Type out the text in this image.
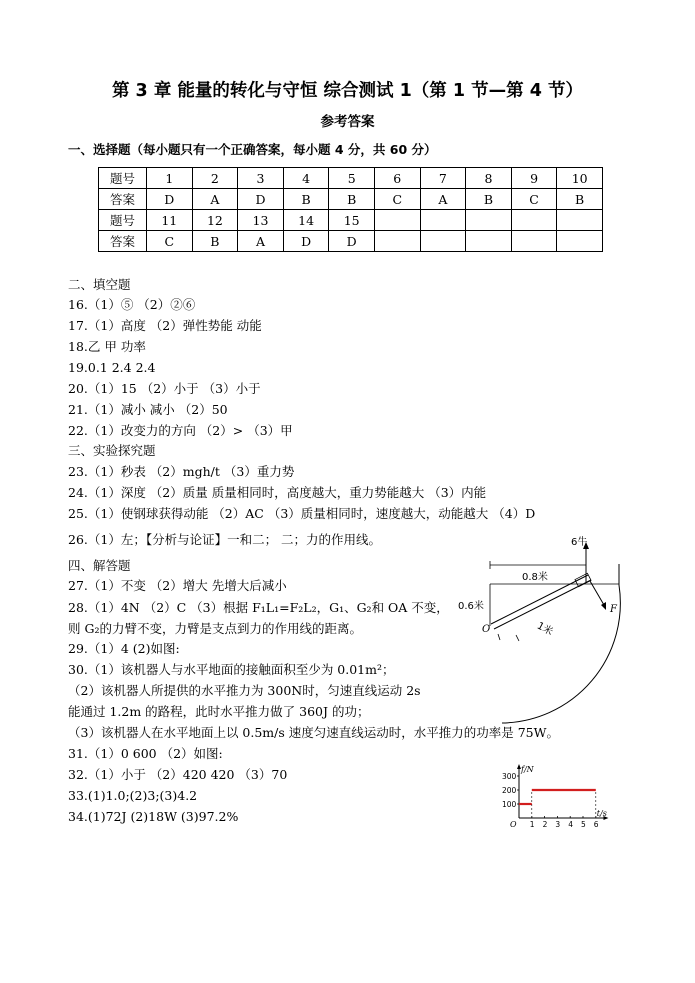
第 3 章 能量的转化与守恒 综合测试 1（第 1 节—第 4 节）
参考答案
一、选择题（每小题只有一个正确答案，每小题 4 分，共 60 分）
题号	1	2	3	4	5	6	7	8	9	10
答案	D	A	D	B	B	C	A	B	C	B
题号	11	12	13	14	15					
答案	C	B	A	D	D					
二、填空题
16.（1）⑤ （2）②⑥
17.（1）高度 （2）弹性势能 动能
18.乙 甲 功率
19.0.1 2.4 2.4
20.（1）15 （2）小于 （3）小于
21.（1）减小 减小 （2）50
22.（1）改变力的方向 （2）> （3）甲
三、实验探究题
23.（1）秒表 （2）mgh/t （3）重力势
24.（1）深度 （2）质量 质量相同时，高度越大，重力势能越大 （3）内能
25.（1）使钢球获得动能 （2）AC （3）质量相同时，速度越大，动能越大 （4）D
26.（1）左；【分析与论证】一和二； 二；力的作用线。
四、解答题
27.（1）不变 （2）增大 先增大后减小
28.（1）4N （2）C （3）根据 F₁L₁=F₂L₂，G₁、G₂和 OA 不变，
则 G₂的力臂不变，力臂是支点到力的作用线的距离。
29.（1）4 (2)如图:
30.（1）该机器人与水平地面的接触面积至少为 0.01m²；
（2）该机器人所提供的水平推力为 300N时，匀速直线运动 2s
能通过 1.2m 的路程，此时水平推力做了 360J 的功；
（3）该机器人在水平地面上以 0.5m/s 速度匀速直线运动时，水平推力的功率是 75W。
31.（1）0 600 （2）如图:
32.（1）小于 （2）420 420 （3）70
33.(1)1.0;(2)3;(3)4.2
34.(1)72J (2)18W (3)97.2%
0.8米
0.6米
O	1米
6牛
F
f/N
t/s
O
100
200
300
1 2 3 4 5 6
